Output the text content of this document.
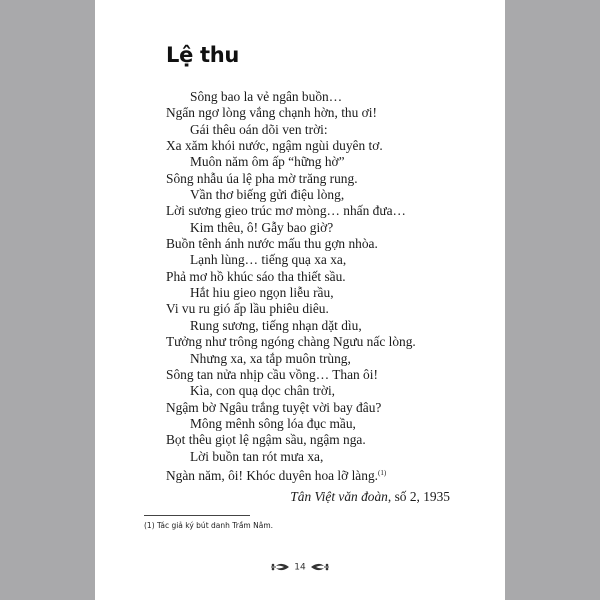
Lệ thu
Sông bao la vẻ ngân buồn…
Ngẩn ngơ lòng vắng chạnh hờn, thu ơi!
Gái thêu oán dõi ven trời:
Xa xăm khói nước, ngậm ngùi duyên tơ.
Muôn năm ôm ấp “hững hờ”
Sông nhẫu úa lệ pha mờ trăng rung.
Vần thơ biếng gửi điệu lòng,
Lời sương gieo trúc mơ mòng… nhấn đưa…
Kim thêu, ô! Gẫy bao giờ?
Buồn tênh ánh nước mấu thu gợn nhòa.
Lạnh lùng… tiếng quạ xa xa,
Phả mơ hồ khúc sáo tha thiết sầu.
Hắt hiu gieo ngọn liễu rầu,
Vi vu ru gió ấp lầu phiêu diêu.
Rung sương, tiếng nhạn dặt dìu,
Tưởng như trông ngóng chàng Ngưu nấc lòng.
Nhưng xa, xa tắp muôn trùng,
Sông tan nửa nhịp cầu vồng… Than ôi!
Kìa, con quạ dọc chân trời,
Ngậm bờ Ngâu trắng tuyệt vời bay đâu?
Mông mênh sông lóa đục mầu,
Bọt thêu giọt lệ ngậm sầu, ngậm nga.
Lời buồn tan rót mưa xa,
Ngàn năm, ôi! Khóc duyên hoa lỡ làng.$^{(1)}$
Tân Việt văn đoàn, số 2, 1935
(1) Tác giả ký bút danh Trầm Nâm.
14
